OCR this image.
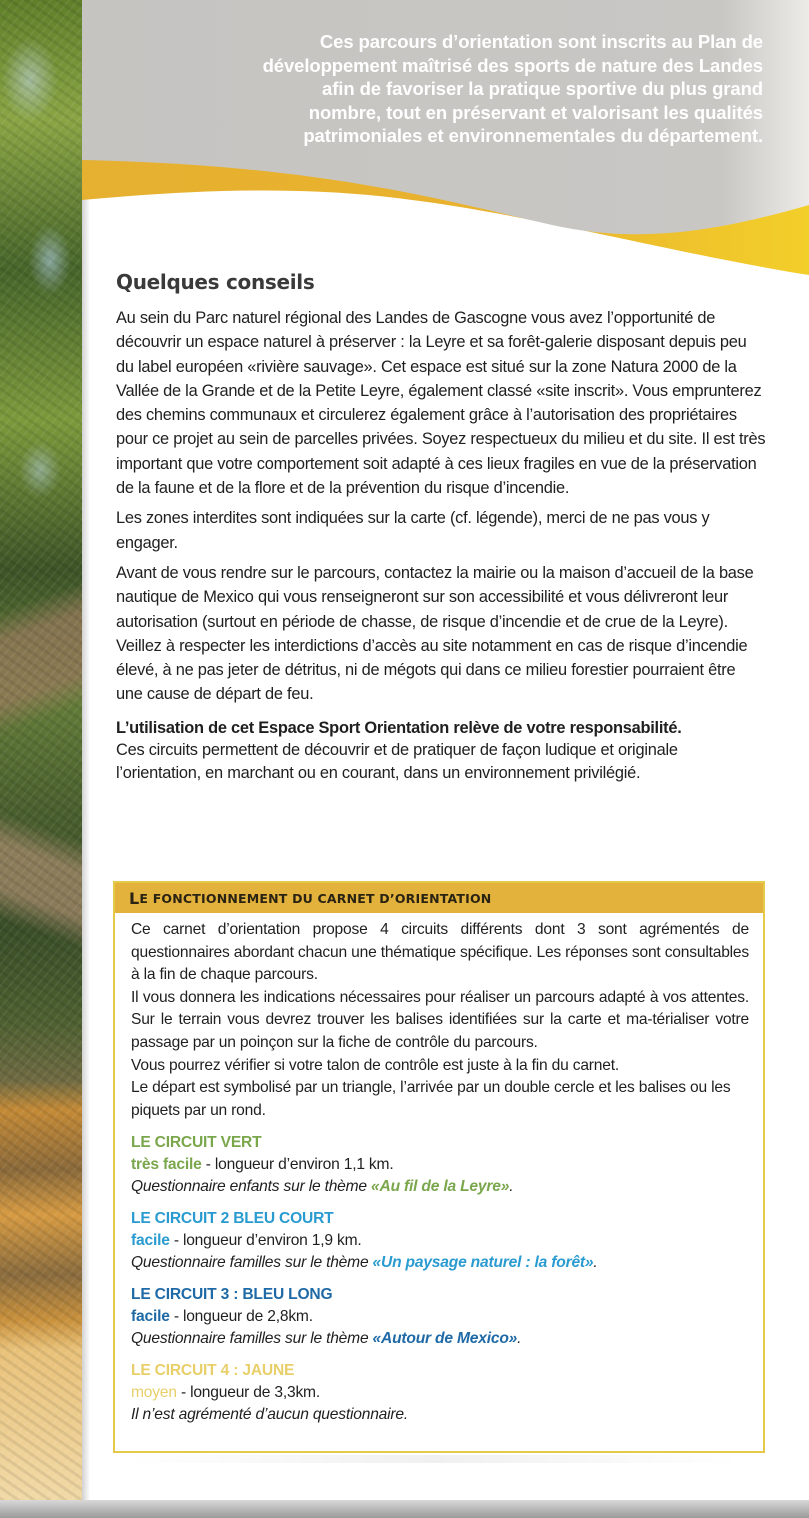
Ces parcours d’orientation sont inscrits au Plan de
développement maîtrisé des sports de nature des Landes
afin de favoriser la pratique sportive du plus grand
nombre, tout en préservant et valorisant les qualités
patrimoniales et environnementales du département.
Quelques conseils

Au sein du Parc naturel régional des Landes de Gascogne vous avez l’opportunité de découvrir un espace naturel à préserver : la Leyre et sa forêt-galerie disposant depuis peu du label européen «rivière sauvage». Cet espace est situé sur la zone Natura 2000 de la Vallée de la Grande et de la Petite Leyre, également classé «site inscrit». Vous emprunterez des chemins communaux et circulerez également grâce à l’autorisation des propriétaires pour ce projet au sein de parcelles privées. Soyez respectueux du milieu et du site. Il est très important que votre comportement soit adapté à ces lieux fragiles en vue de la préservation de la faune et de la flore et de la prévention du risque d’incendie.

Les zones interdites sont indiquées sur la carte (cf. légende), merci de ne pas vous y engager.

Avant de vous rendre sur le parcours, contactez la mairie ou la maison d’accueil de la base nautique de Mexico qui vous renseigneront sur son accessibilité et vous délivreront leur autorisation (surtout en période de chasse, de risque d’incendie et de crue de la Leyre). Veillez à respecter les interdictions d’accès au site notamment en cas de risque d’incendie élevé, à ne pas jeter de détritus, ni de mégots qui dans ce milieu forestier pourraient être une cause de départ de feu.

L’utilisation de cet Espace Sport Orientation relève de votre responsabilité.
Ces circuits permettent de découvrir et de pratiquer de façon ludique et originale l’orientation, en marchant ou en courant, dans un environnement privilégié.

L E FONCTIONNEMENT DU CARNET D’ORIENTATION

Ce carnet d’orientation propose 4 circuits différents dont 3 sont agrémentés de questionnaires abordant chacun une thématique spécifique. Les réponses sont consultables à la fin de chaque parcours.

Il vous donnera les indications nécessaires pour réaliser un parcours adapté à vos attentes. Sur le terrain vous devrez trouver les balises identifiées sur la carte et ma-térialiser votre passage par un poinçon sur la fiche de contrôle du parcours.

Vous pourrez vérifier si votre talon de contrôle est juste à la fin du carnet.

Le départ est symbolisé par un triangle, l’arrivée par un double cercle et les balises ou les piquets par un rond.

LE CIRCUIT VERT
très facile - longueur d’environ 1,1 km.
Questionnaire enfants sur le thème «Au fil de la Leyre».
LE CIRCUIT 2 BLEU COURT
facile - longueur d’environ 1,9 km.
Questionnaire familles sur le thème «Un paysage naturel : la forêt».
LE CIRCUIT 3 : BLEU LONG
facile - longueur de 2,8km.
Questionnaire familles sur le thème «Autour de Mexico».
LE CIRCUIT 4 : JAUNE
moyen - longueur de 3,3km.
Il n’est agrémenté d’aucun questionnaire.
